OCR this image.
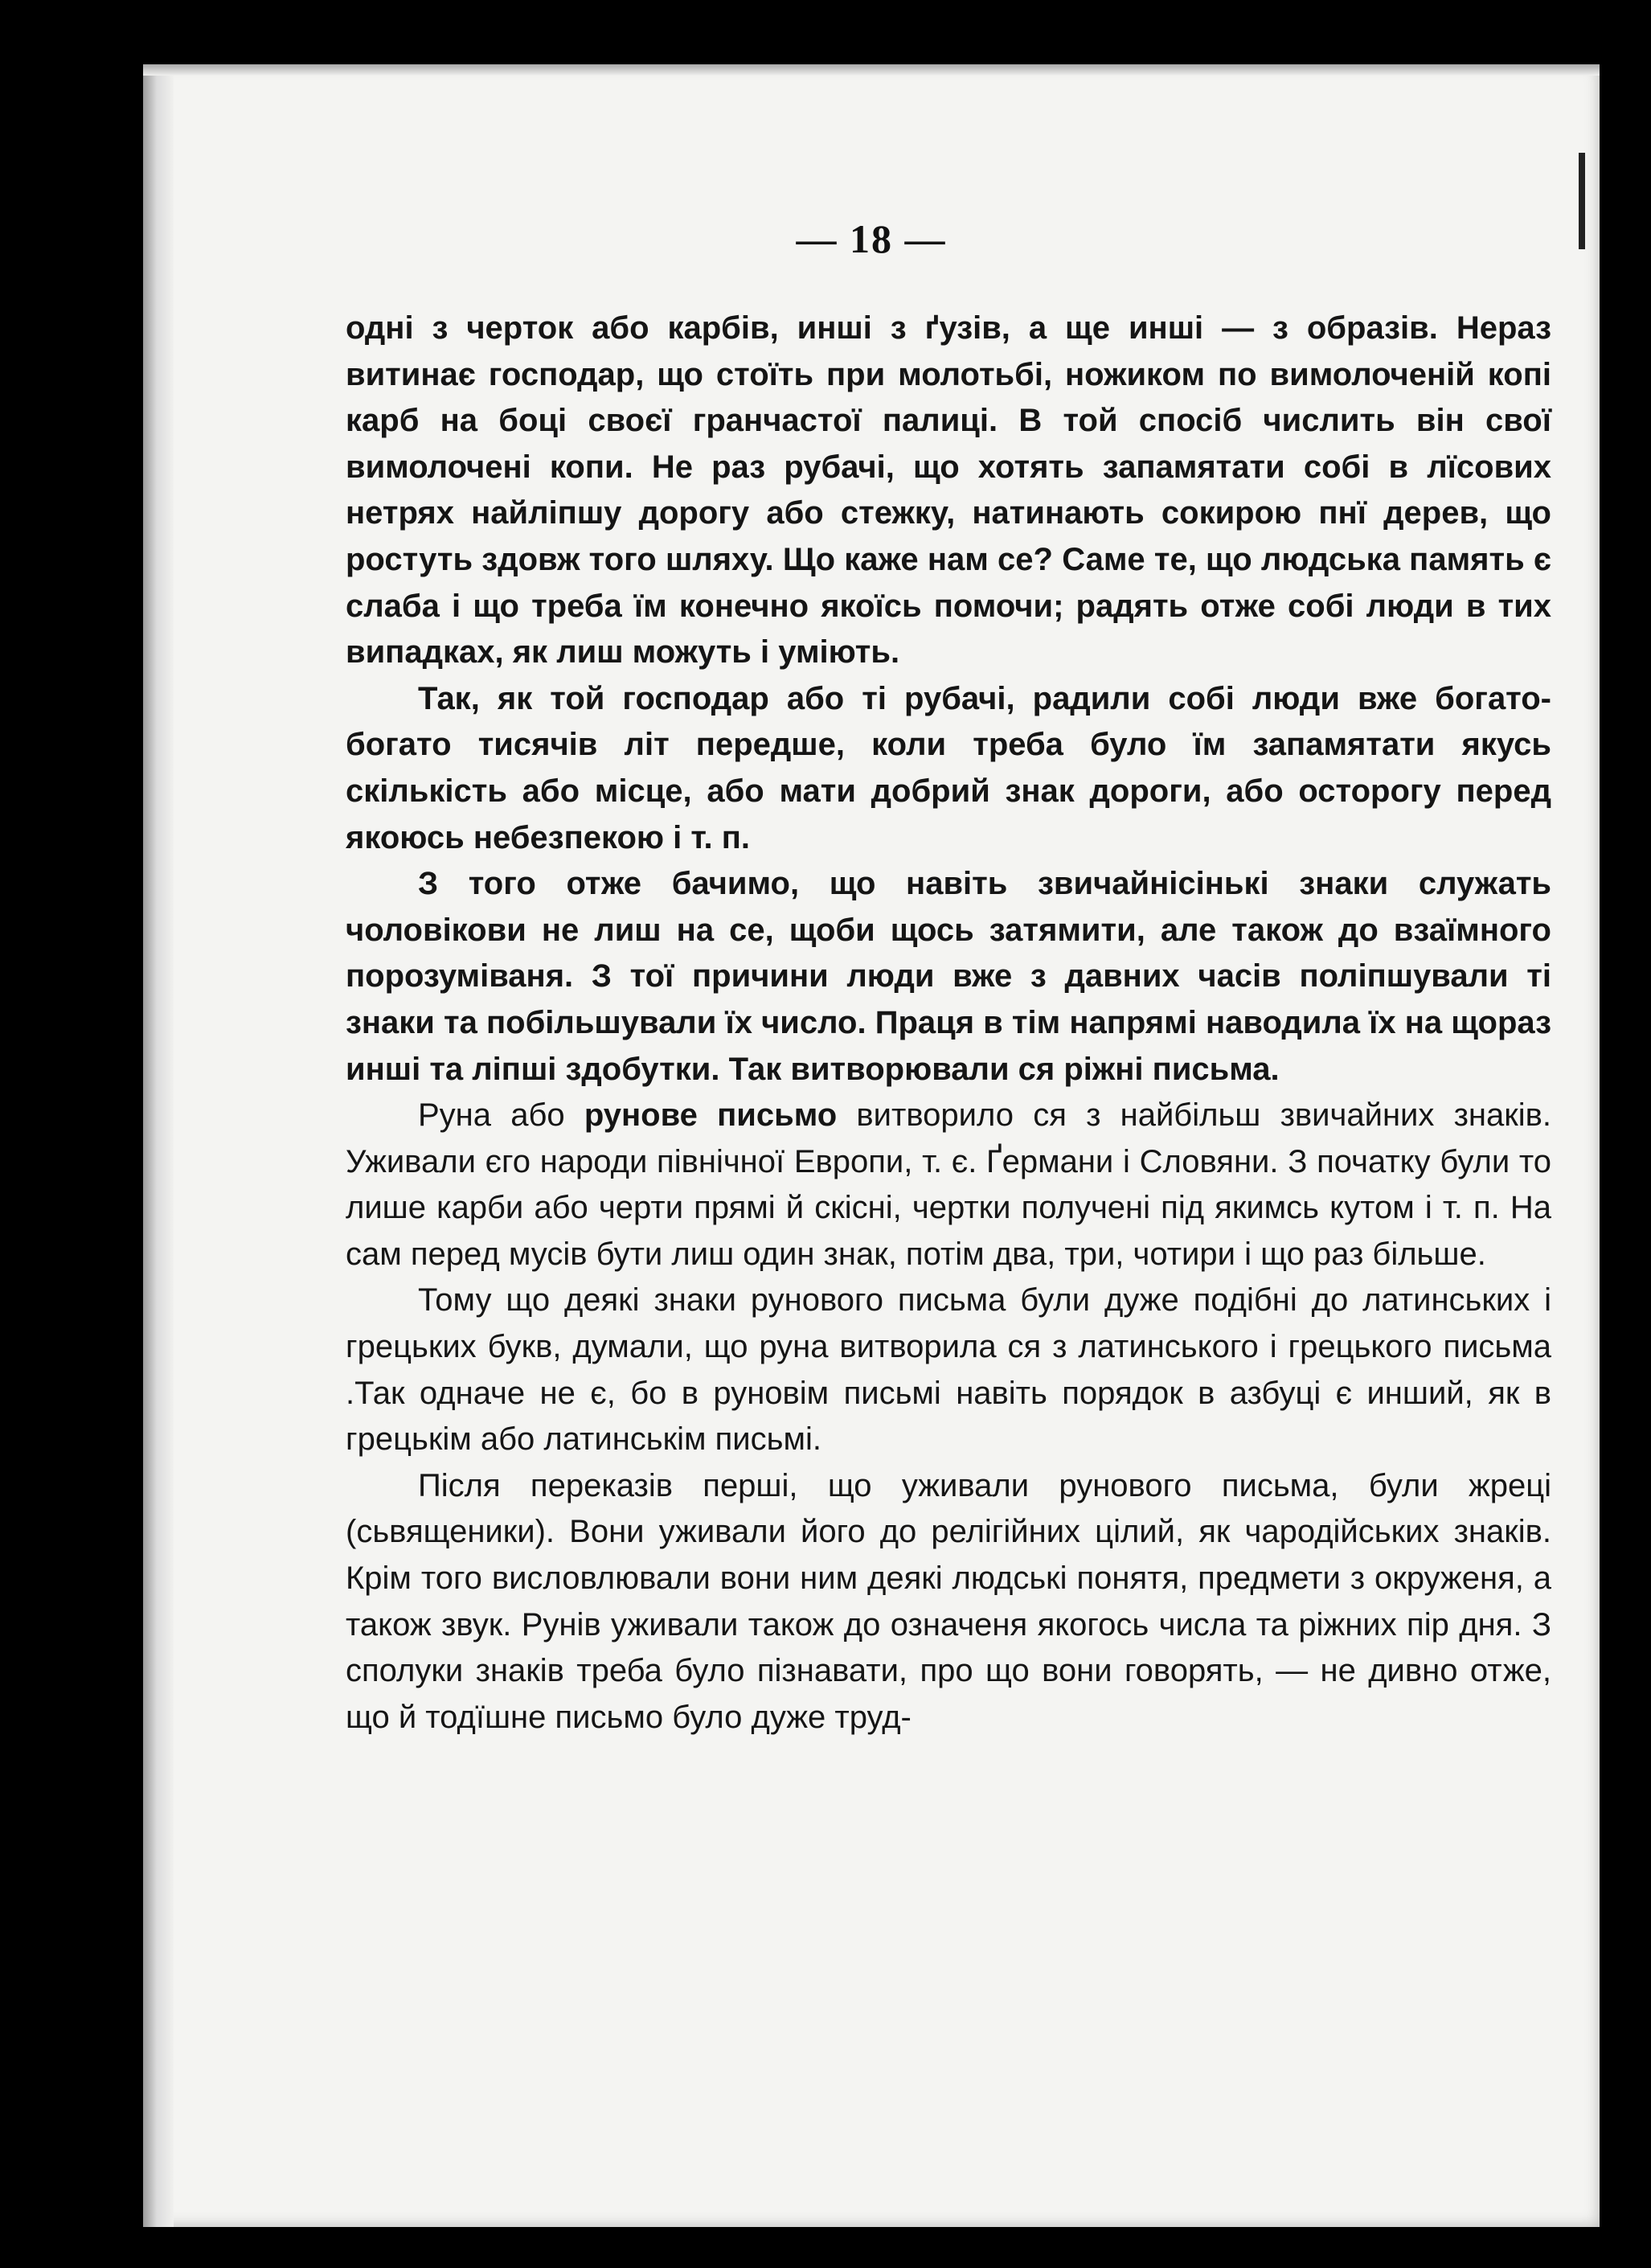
— 18 —

одні з черток або карбів, инші з ґузів, а ще инші — з образів. Нераз витинає господар, що стоїть при молотьбі, ножиком по вимолоченій копі карб на боці своєї гранчастої палиці. В той спосіб числить він свої вимолочені копи. Не раз рубачі, що хотять запамятати собі в лїсових нетрях найліпшу дорогу або стежку, натинають сокирою пнї дерев, що ростуть здовж того шляху. Що каже нам се? Саме те, що людська память є слаба і що треба їм конечно якоїсь помочи; радять отже собі люди в тих випадках, як лиш можуть і уміють.

Так, як той господар або ті рубачі, радили собі люди вже богато-богато тисячів літ передше, коли треба було їм запамятати якусь скількість або місце, або мати добрий знак дороги, або осторогу перед якоюсь небезпекою і т. п.

З того отже бачимо, що навіть звичайнісінькі знаки служать чоловікови не лиш на се, щоби щось затямити, але також до взаїмного порозуміваня. З тої причини люди вже з давних часів поліпшували ті знаки та побільшували їх число. Праця в тім напрямі наводила їх на щораз инші та ліпші здобутки. Так витворювали ся ріжні письма.

Руна або рунове письмо витворило ся з найбільш звичайних знаків. Уживали єго народи північної Европи, т. є. Ґермани і Словяни. З початку були то лише карби або черти прямі й скісні, чертки получені під якимсь кутом і т. п. На сам перед мусів бути лиш один знак, потім два, три, чотири і що раз більше.

Тому що деякі знаки рунового письма були дуже подібні до латинських і грецьких букв, думали, що руна витворила ся з латинського і грецького письма .Так одначе не є, бо в руновім письмі навіть порядок в азбуці є инший, як в грецькім або латинськім письмі.

Після переказів перші, що уживали рунового письма, були жреці (сьвященики). Вони уживали його до релігійних цілий, як чародійських знаків. Крім того висловлювали вони ним деякі людські понятя, предмети з окруженя, а також звук. Рунів уживали також до означеня якогось числа та ріжних пір дня. З сполуки знаків треба було пізнавати, про що вони говорять, — не дивно отже, що й тодїшне письмо було дуже труд-
